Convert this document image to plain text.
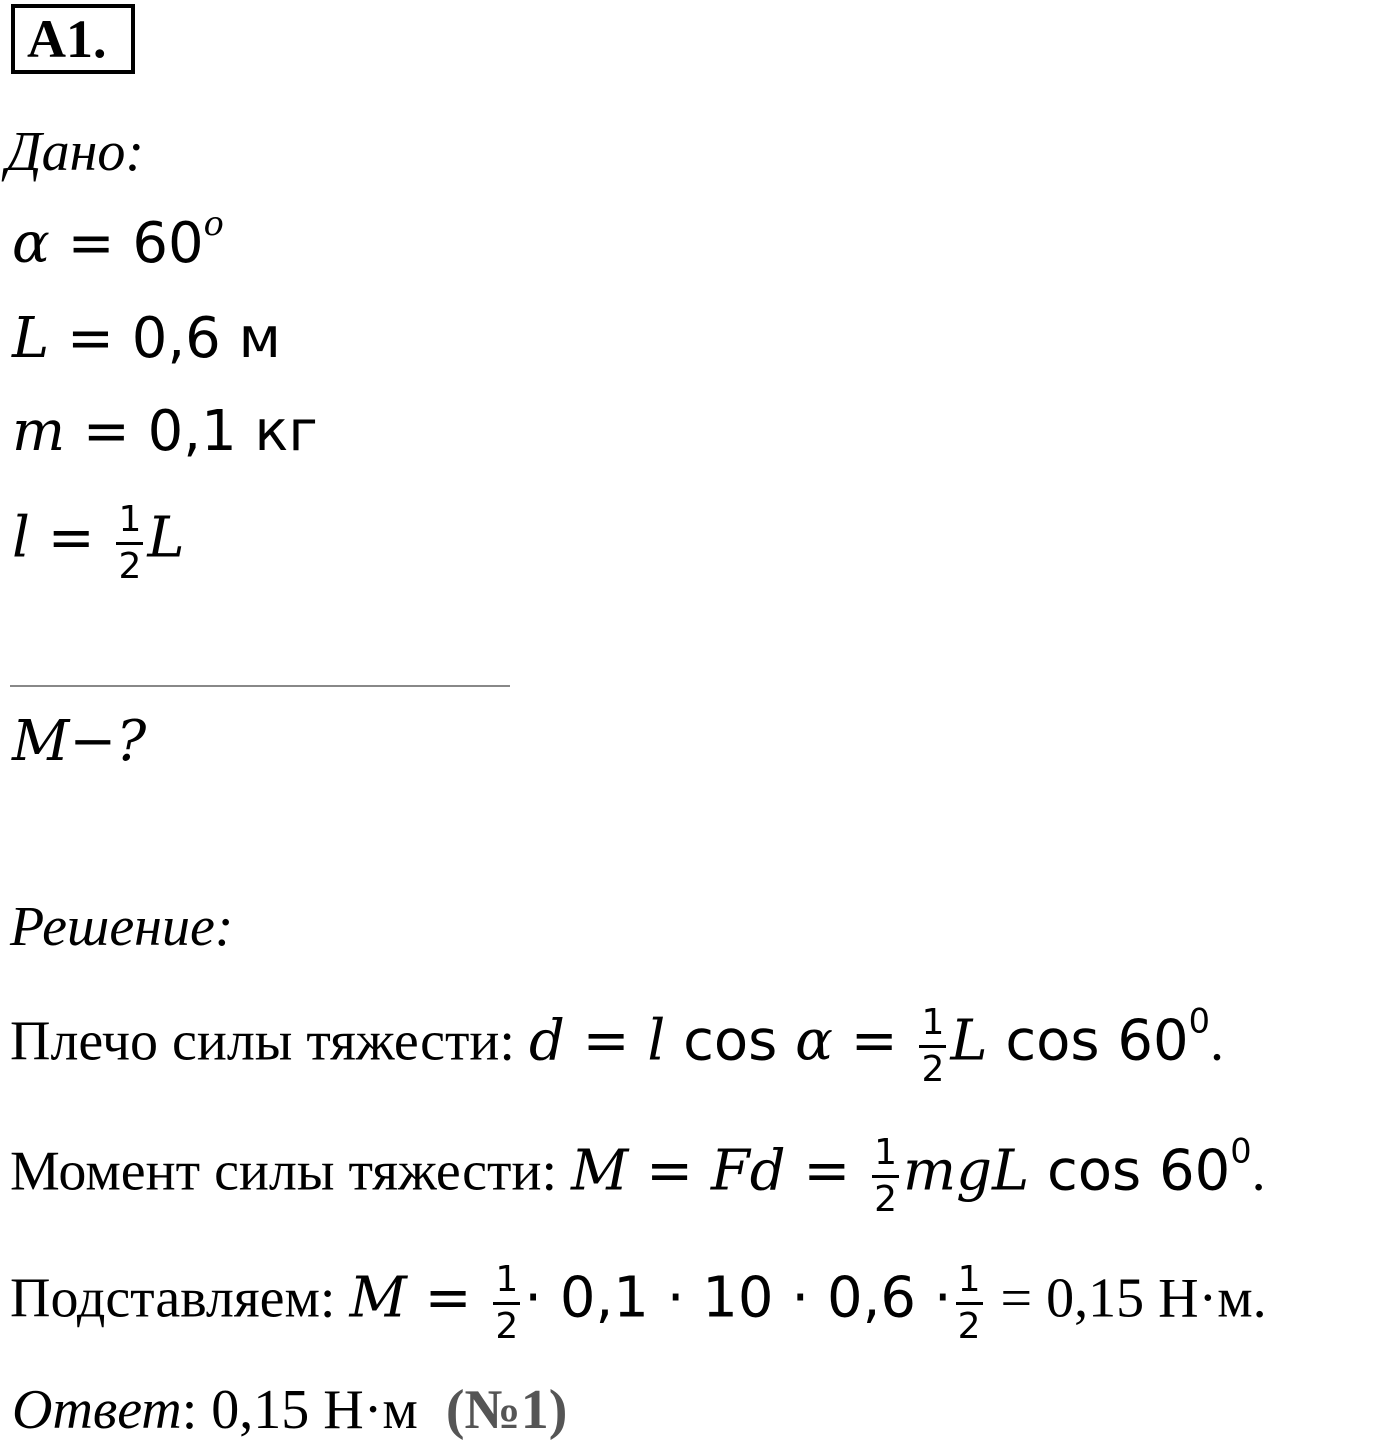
A1.
Дано:
$\alpha = 60^o$
L = 0,6 м
m = 0,1 кг
$l = \frac{1}{2}$ L
M−?
Решение:
Плечо силы тяжести: d = l $\cos \alpha = \frac{1}{2}$ L $\cos 60^0$.
Момент силы тяжести: $M = Fd = \frac{1}{2}$ mgL $\cos 60^0$.
Подставляем: $M = \frac{1}{2} \cdot 0,1 \cdot 10 \cdot 0,6 \cdot \frac{1}{2} = 0,15$ Н·м.
Ответ: 0,15 Н·м (№1)
